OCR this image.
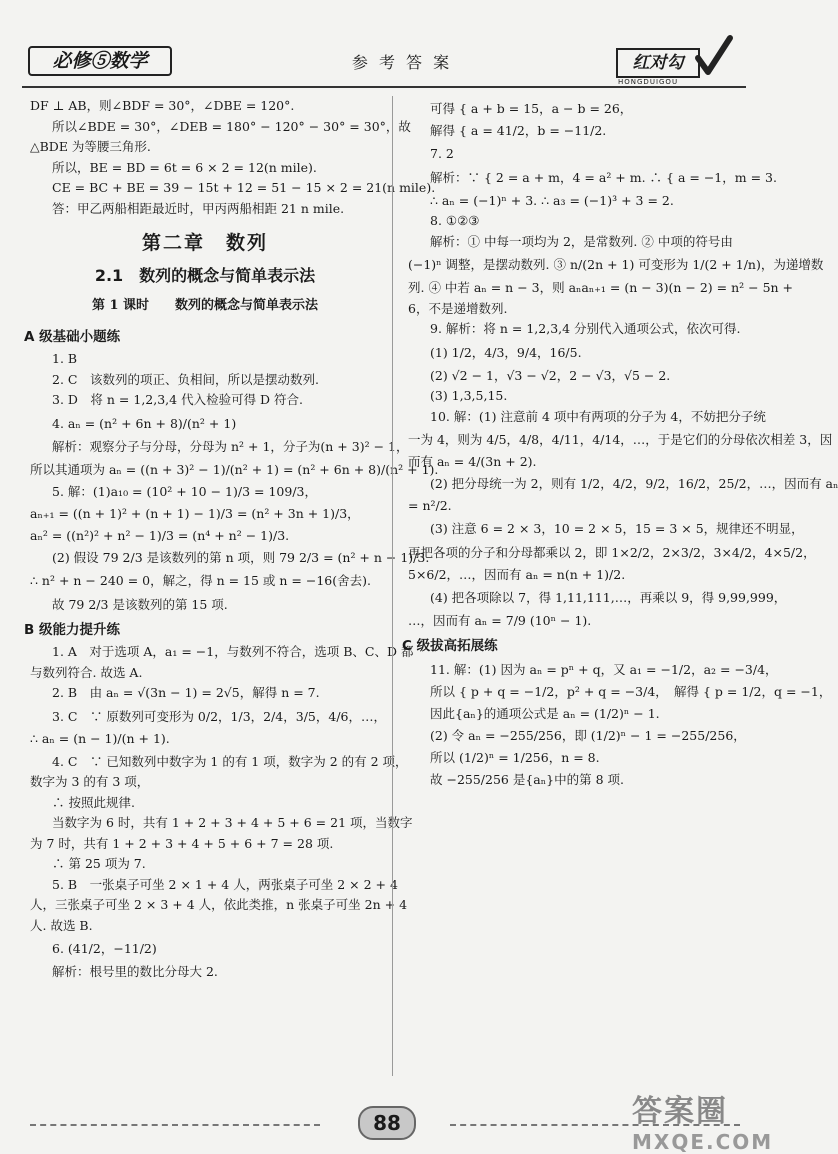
必修⑤数学	参 考 答 案	红对勾
HONGDUIGOU
DF ⊥ AB，则∠BDF = 30°，∠DBE = 120°.
所以∠BDE = 30°，∠DEB = 180° − 120° − 30° = 30°，故
△BDE 为等腰三角形.
所以，BE = BD = 6t = 6 × 2 = 12(n mile).
CE = BC + BE = 39 − 15t + 12 = 51 − 15 × 2 = 21(n mile).
答：甲乙两船相距最近时，甲丙两船相距 21 n mile.
第二章　数列
2.1　数列的概念与简单表示法
第 1 课时　　数列的概念与简单表示法
A 级基础小题练
1. B
2. C　该数列的项正、负相间，所以是摆动数列.
3. D　将 n = 1,2,3,4 代入检验可得 D 符合.
4. aₙ = (n² + 6n + 8)/(n² + 1)
解析：观察分子与分母，分母为 n² + 1，分子为(n + 3)² − 1，
所以其通项为 aₙ = ((n + 3)² − 1)/(n² + 1) = (n² + 6n + 8)/(n² + 1).
5. 解：(1)a₁₀ = (10² + 10 − 1)/3 = 109/3，
aₙ₊₁ = ((n + 1)² + (n + 1) − 1)/3 = (n² + 3n + 1)/3，
aₙ² = ((n²)² + n² − 1)/3 = (n⁴ + n² − 1)/3.
(2) 假设 79 2/3 是该数列的第 n 项，则 79 2/3 = (n² + n − 1)/3.
∴ n² + n − 240 = 0，解之，得 n = 15 或 n = −16(舍去).
故 79 2/3 是该数列的第 15 项.
B 级能力提升练
1. A　对于选项 A，a₁ = −1，与数列不符合，选项 B、C、D 都
与数列符合. 故选 A.
2. B　由 aₙ = √(3n − 1) = 2√5，解得 n = 7.
3. C　∵ 原数列可变形为 0/2，1/3，2/4，3/5，4/6，…，
∴ aₙ = (n − 1)/(n + 1).
4. C　∵ 已知数列中数字为 1 的有 1 项，数字为 2 的有 2 项，
数字为 3 的有 3 项，
∴ 按照此规律.
当数字为 6 时，共有 1 + 2 + 3 + 4 + 5 + 6 = 21 项，当数字
为 7 时，共有 1 + 2 + 3 + 4 + 5 + 6 + 7 = 28 项.
∴ 第 25 项为 7.
5. B　一张桌子可坐 2 × 1 + 4 人，两张桌子可坐 2 × 2 + 4
人，三张桌子可坐 2 × 3 + 4 人，依此类推，n 张桌子可坐 2n + 4
人. 故选 B.
6. (41/2，−11/2)
解析：根号里的数比分母大 2.
可得 { a + b = 15，a − b = 26，
解得 { a = 41/2，b = −11/2.
7. 2
解析：∵ { 2 = a + m，4 = a² + m. ∴ { a = −1，m = 3.
∴ aₙ = (−1)ⁿ + 3. ∴ a₃ = (−1)³ + 3 = 2.
8. ①②③
解析：① 中每一项均为 2，是常数列. ② 中项的符号由
(−1)ⁿ 调整，是摆动数列. ③ n/(2n + 1) 可变形为 1/(2 + 1/n)，为递增数
列. ④ 中若 aₙ = n − 3，则 aₙaₙ₊₁ = (n − 3)(n − 2) = n² − 5n +
6，不是递增数列.
9. 解析：将 n = 1,2,3,4 分别代入通项公式，依次可得.
(1) 1/2，4/3，9/4，16/5.
(2) √2 − 1，√3 − √2，2 − √3，√5 − 2.
(3) 1,3,5,15.
10. 解：(1) 注意前 4 项中有两项的分子为 4，不妨把分子统
一为 4，则为 4/5，4/8，4/11，4/14，…，于是它们的分母依次相差 3，因
而有 aₙ = 4/(3n + 2).
(2) 把分母统一为 2，则有 1/2，4/2，9/2，16/2，25/2，…，因而有 aₙ
= n²/2.
(3) 注意 6 = 2 × 3，10 = 2 × 5，15 = 3 × 5，规律还不明显，
再把各项的分子和分母都乘以 2，即 1×2/2，2×3/2，3×4/2，4×5/2，
5×6/2，…，因而有 aₙ = n(n + 1)/2.
(4) 把各项除以 7，得 1,11,111,…，再乘以 9，得 9,99,999，
…，因而有 aₙ = 7/9 (10ⁿ − 1).
C 级拔高拓展练
11. 解：(1) 因为 aₙ = pⁿ + q，又 a₁ = −1/2，a₂ = −3/4，
所以 { p + q = −1/2，p² + q = −3/4，　解得 { p = 1/2，q = −1，
因此{aₙ}的通项公式是 aₙ = (1/2)ⁿ − 1.
(2) 令 aₙ = −255/256，即 (1/2)ⁿ − 1 = −255/256，
所以 (1/2)ⁿ = 1/256，n = 8.
故 −255/256 是{aₙ}中的第 8 项.
88	答案圈
MXQE.COM
